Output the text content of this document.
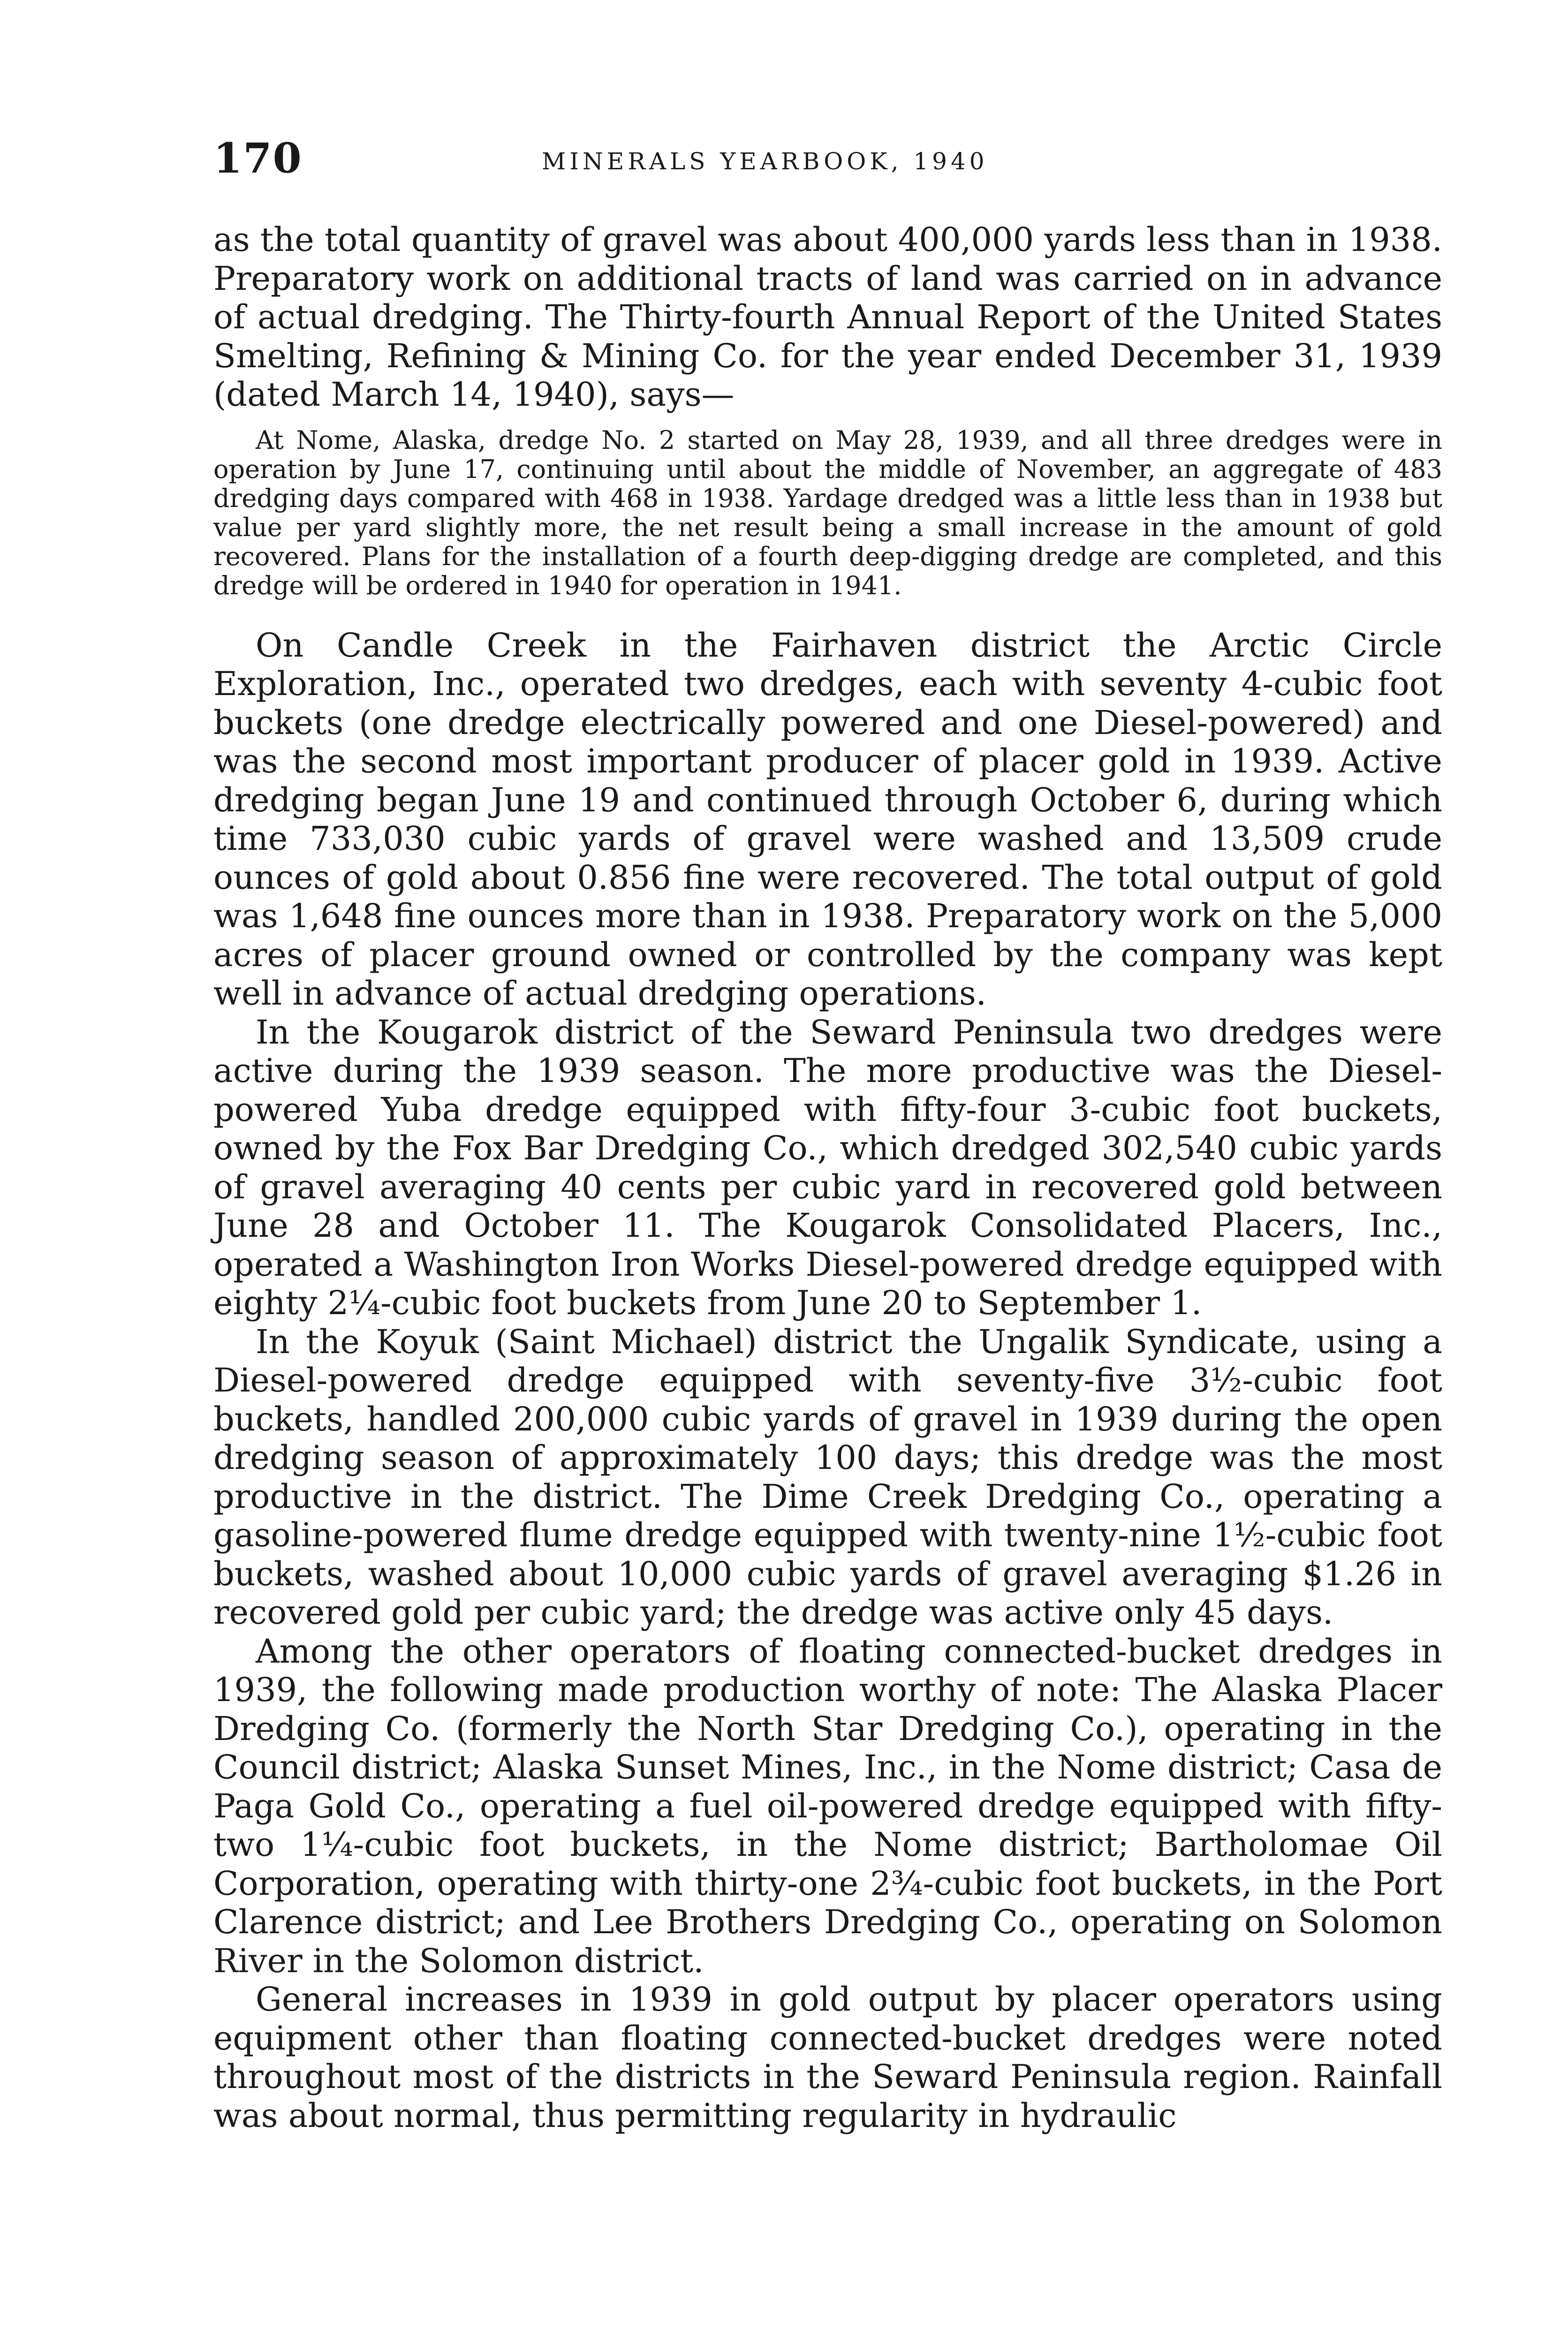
170	MINERALS YEARBOOK, 1940

as the total quantity of gravel was about 400,000 yards less than in 1938. Preparatory work on additional tracts of land was carried on in advance of actual dredging. The Thirty-fourth Annual Report of the United States Smelting, Refining & Mining Co. for the year ended December 31, 1939 (dated March 14, 1940), says—

At Nome, Alaska, dredge No. 2 started on May 28, 1939, and all three dredges were in operation by June 17, continuing until about the middle of November, an aggregate of 483 dredging days compared with 468 in 1938. Yardage dredged was a little less than in 1938 but value per yard slightly more, the net result being a small increase in the amount of gold recovered. Plans for the installation of a fourth deep-digging dredge are completed, and this dredge will be ordered in 1940 for operation in 1941.

On Candle Creek in the Fairhaven district the Arctic Circle Exploration, Inc., operated two dredges, each with seventy 4-cubic foot buckets (one dredge electrically powered and one Diesel-powered) and was the second most important producer of placer gold in 1939. Active dredging began June 19 and continued through October 6, during which time 733,030 cubic yards of gravel were washed and 13,509 crude ounces of gold about 0.856 fine were recovered. The total output of gold was 1,648 fine ounces more than in 1938. Preparatory work on the 5,000 acres of placer ground owned or controlled by the company was kept well in advance of actual dredging operations.

In the Kougarok district of the Seward Peninsula two dredges were active during the 1939 season. The more productive was the Diesel-powered Yuba dredge equipped with fifty-four 3-cubic foot buckets, owned by the Fox Bar Dredging Co., which dredged 302,540 cubic yards of gravel averaging 40 cents per cubic yard in recovered gold between June 28 and October 11. The Kougarok Consolidated Placers, Inc., operated a Washington Iron Works Diesel-powered dredge equipped with eighty 2¼-cubic foot buckets from June 20 to September 1.

In the Koyuk (Saint Michael) district the Ungalik Syndicate, using a Diesel-powered dredge equipped with seventy-five 3½-cubic foot buckets, handled 200,000 cubic yards of gravel in 1939 during the open dredging season of approximately 100 days; this dredge was the most productive in the district. The Dime Creek Dredging Co., operating a gasoline-powered flume dredge equipped with twenty-nine 1½-cubic foot buckets, washed about 10,000 cubic yards of gravel averaging $1.26 in recovered gold per cubic yard; the dredge was active only 45 days.

Among the other operators of floating connected-bucket dredges in 1939, the following made production worthy of note: The Alaska Placer Dredging Co. (formerly the North Star Dredging Co.), operating in the Council district; Alaska Sunset Mines, Inc., in the Nome district; Casa de Paga Gold Co., operating a fuel oil-powered dredge equipped with fifty-two 1¼-cubic foot buckets, in the Nome district; Bartholomae Oil Corporation, operating with thirty-one 2¾-cubic foot buckets, in the Port Clarence district; and Lee Brothers Dredging Co., operating on Solomon River in the Solomon district.

General increases in 1939 in gold output by placer operators using equipment other than floating connected-bucket dredges were noted throughout most of the districts in the Seward Peninsula region. Rainfall was about normal, thus permitting regularity in hydraulic
